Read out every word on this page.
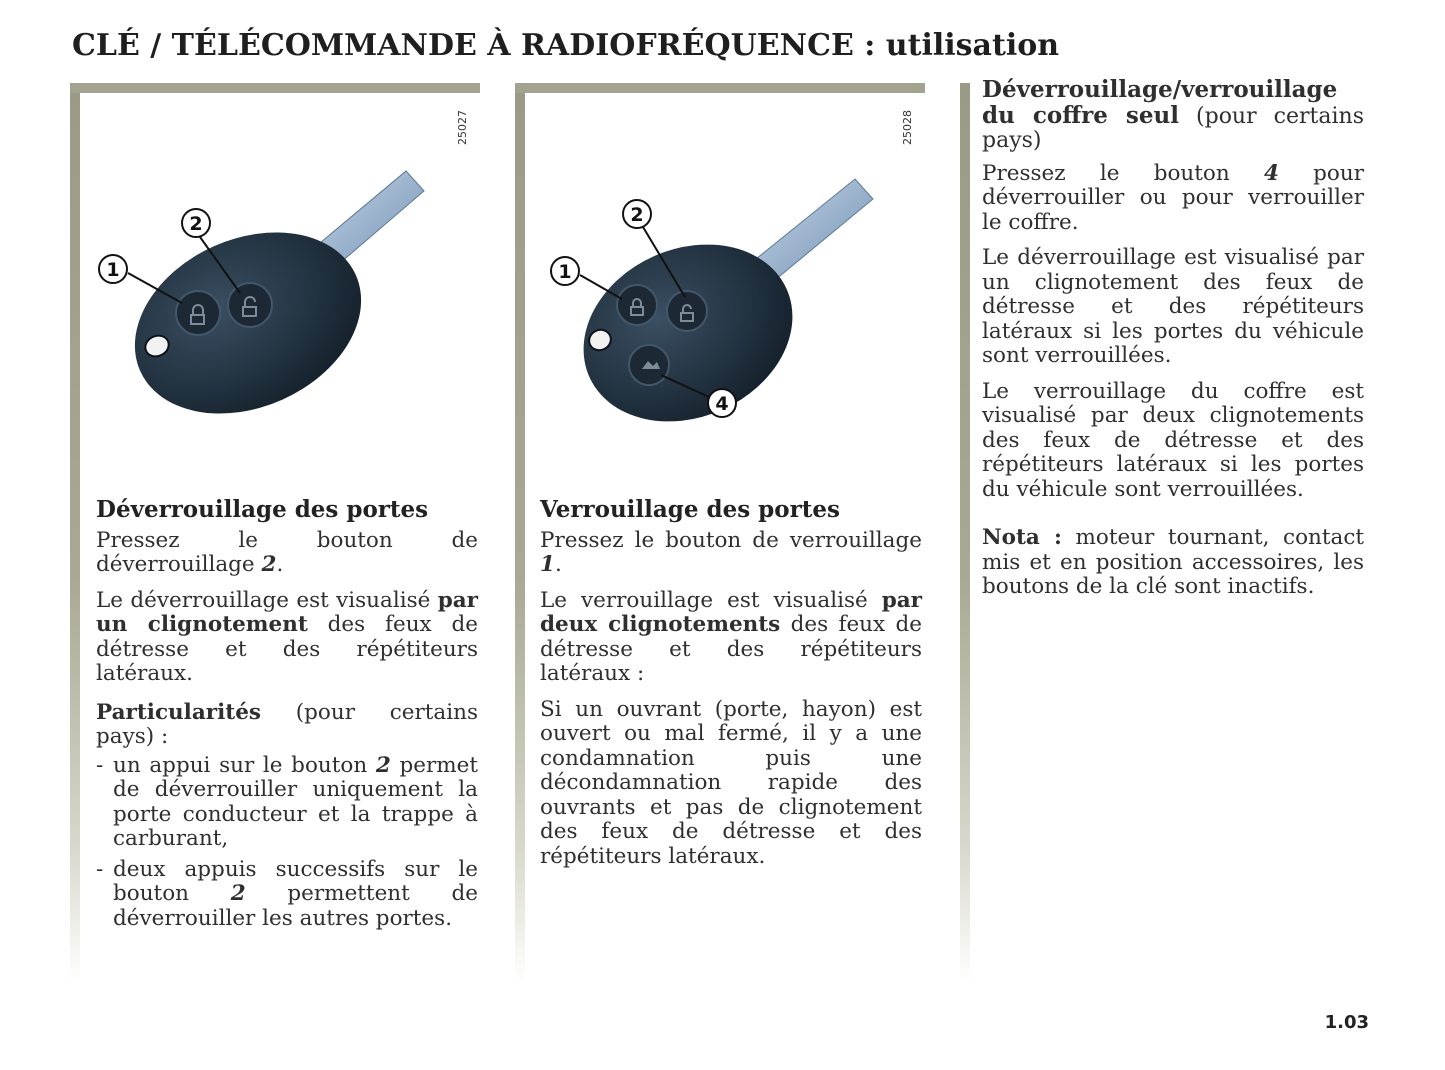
CLÉ / TÉLÉCOMMANDE À RADIOFRÉQUENCE : utilisation
1
2
25027
1
2
4
25028
Déverrouillage des portes

Pressez le bouton de déverrouillage 2.

Le déverrouillage est visualisé par un clignotement des feux de détresse et des répétiteurs latéraux.

Particularités (pour certains pays) :

- un appui sur le bouton 2 permet de déverrouiller uniquement la porte conducteur et la trappe à carburant,
- deux appuis successifs sur le bouton 2 permettent de déverrouiller les autres portes.
Verrouillage des portes

Pressez le bouton de verrouillage 1.

Le verrouillage est visualisé par deux clignotements des feux de détresse et des répétiteurs latéraux :

Si un ouvrant (porte, hayon) est ouvert ou mal fermé, il y a une condamnation puis une décondamnation rapide des ouvrants et pas de clignotement des feux de détresse et des répétiteurs latéraux.

Déverrouillage/verrouillage du coffre seul (pour certains pays)

Pressez le bouton 4 pour déverrouiller ou pour verrouiller le coffre.

Le déverrouillage est visualisé par un clignotement des feux de détresse et des répétiteurs latéraux si les portes du véhicule sont verrouillées.

Le verrouillage du coffre est visualisé par deux clignotements des feux de détresse et des répétiteurs latéraux si les portes du véhicule sont verrouillées.

Nota : moteur tournant, contact mis et en position accessoires, les boutons de la clé sont inactifs.

1.03
